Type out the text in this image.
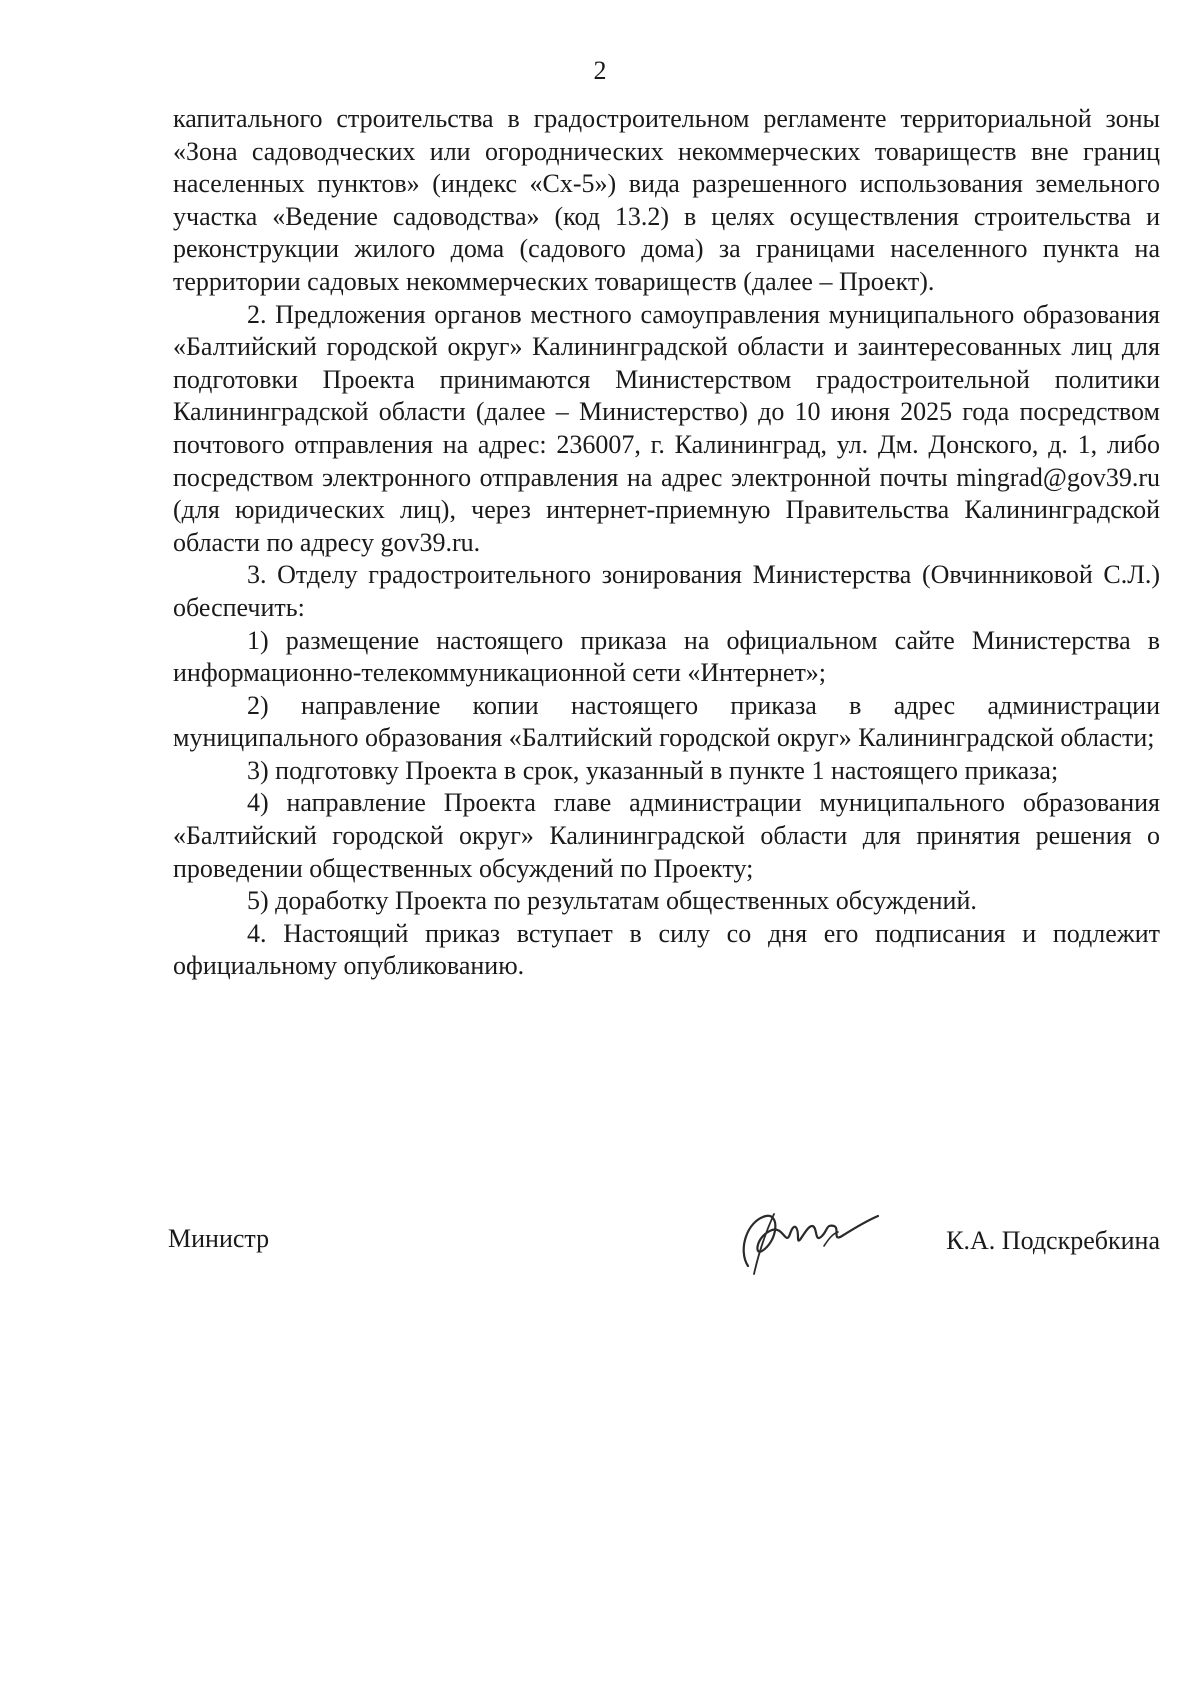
2

капитального строительства в градостроительном регламенте территориальной зоны «Зона садоводческих или огороднических некоммерческих товариществ вне границ населенных пунктов» (индекс «Сх-5») вида разрешенного использования земельного участка «Ведение садоводства» (код 13.2) в целях осуществления строительства и реконструкции жилого дома (садового дома) за границами населенного пункта на территории садовых некоммерческих товариществ (далее – Проект).

2. Предложения органов местного самоуправления муниципального образования «Балтийский городской округ» Калининградской области и заинтересованных лиц для подготовки Проекта принимаются Министерством градостроительной политики Калининградской области (далее – Министерство) до 10 июня 2025 года посредством почтового отправления на адрес: 236007, г. Калининград, ул. Дм. Донского, д. 1, либо посредством электронного отправления на адрес электронной почты mingrad@gov39.ru (для юридических лиц), через интернет-приемную Правительства Калининградской области по адресу gov39.ru.

3. Отделу градостроительного зонирования Министерства (Овчинниковой С.Л.) обеспечить:

1) размещение настоящего приказа на официальном сайте Министерства в информационно-телекоммуникационной сети «Интернет»;

2) направление копии настоящего приказа в адрес администрации муниципального образования «Балтийский городской округ» Калининградской области;

3) подготовку Проекта в срок, указанный в пункте 1 настоящего приказа;

4) направление Проекта главе администрации муниципального образования «Балтийский городской округ» Калининградской области для принятия решения о проведении общественных обсуждений по Проекту;

5) доработку Проекта по результатам общественных обсуждений.

4. Настоящий приказ вступает в силу со дня его подписания и подлежит официальному опубликованию.

Министр	К.А. Подскребкина
